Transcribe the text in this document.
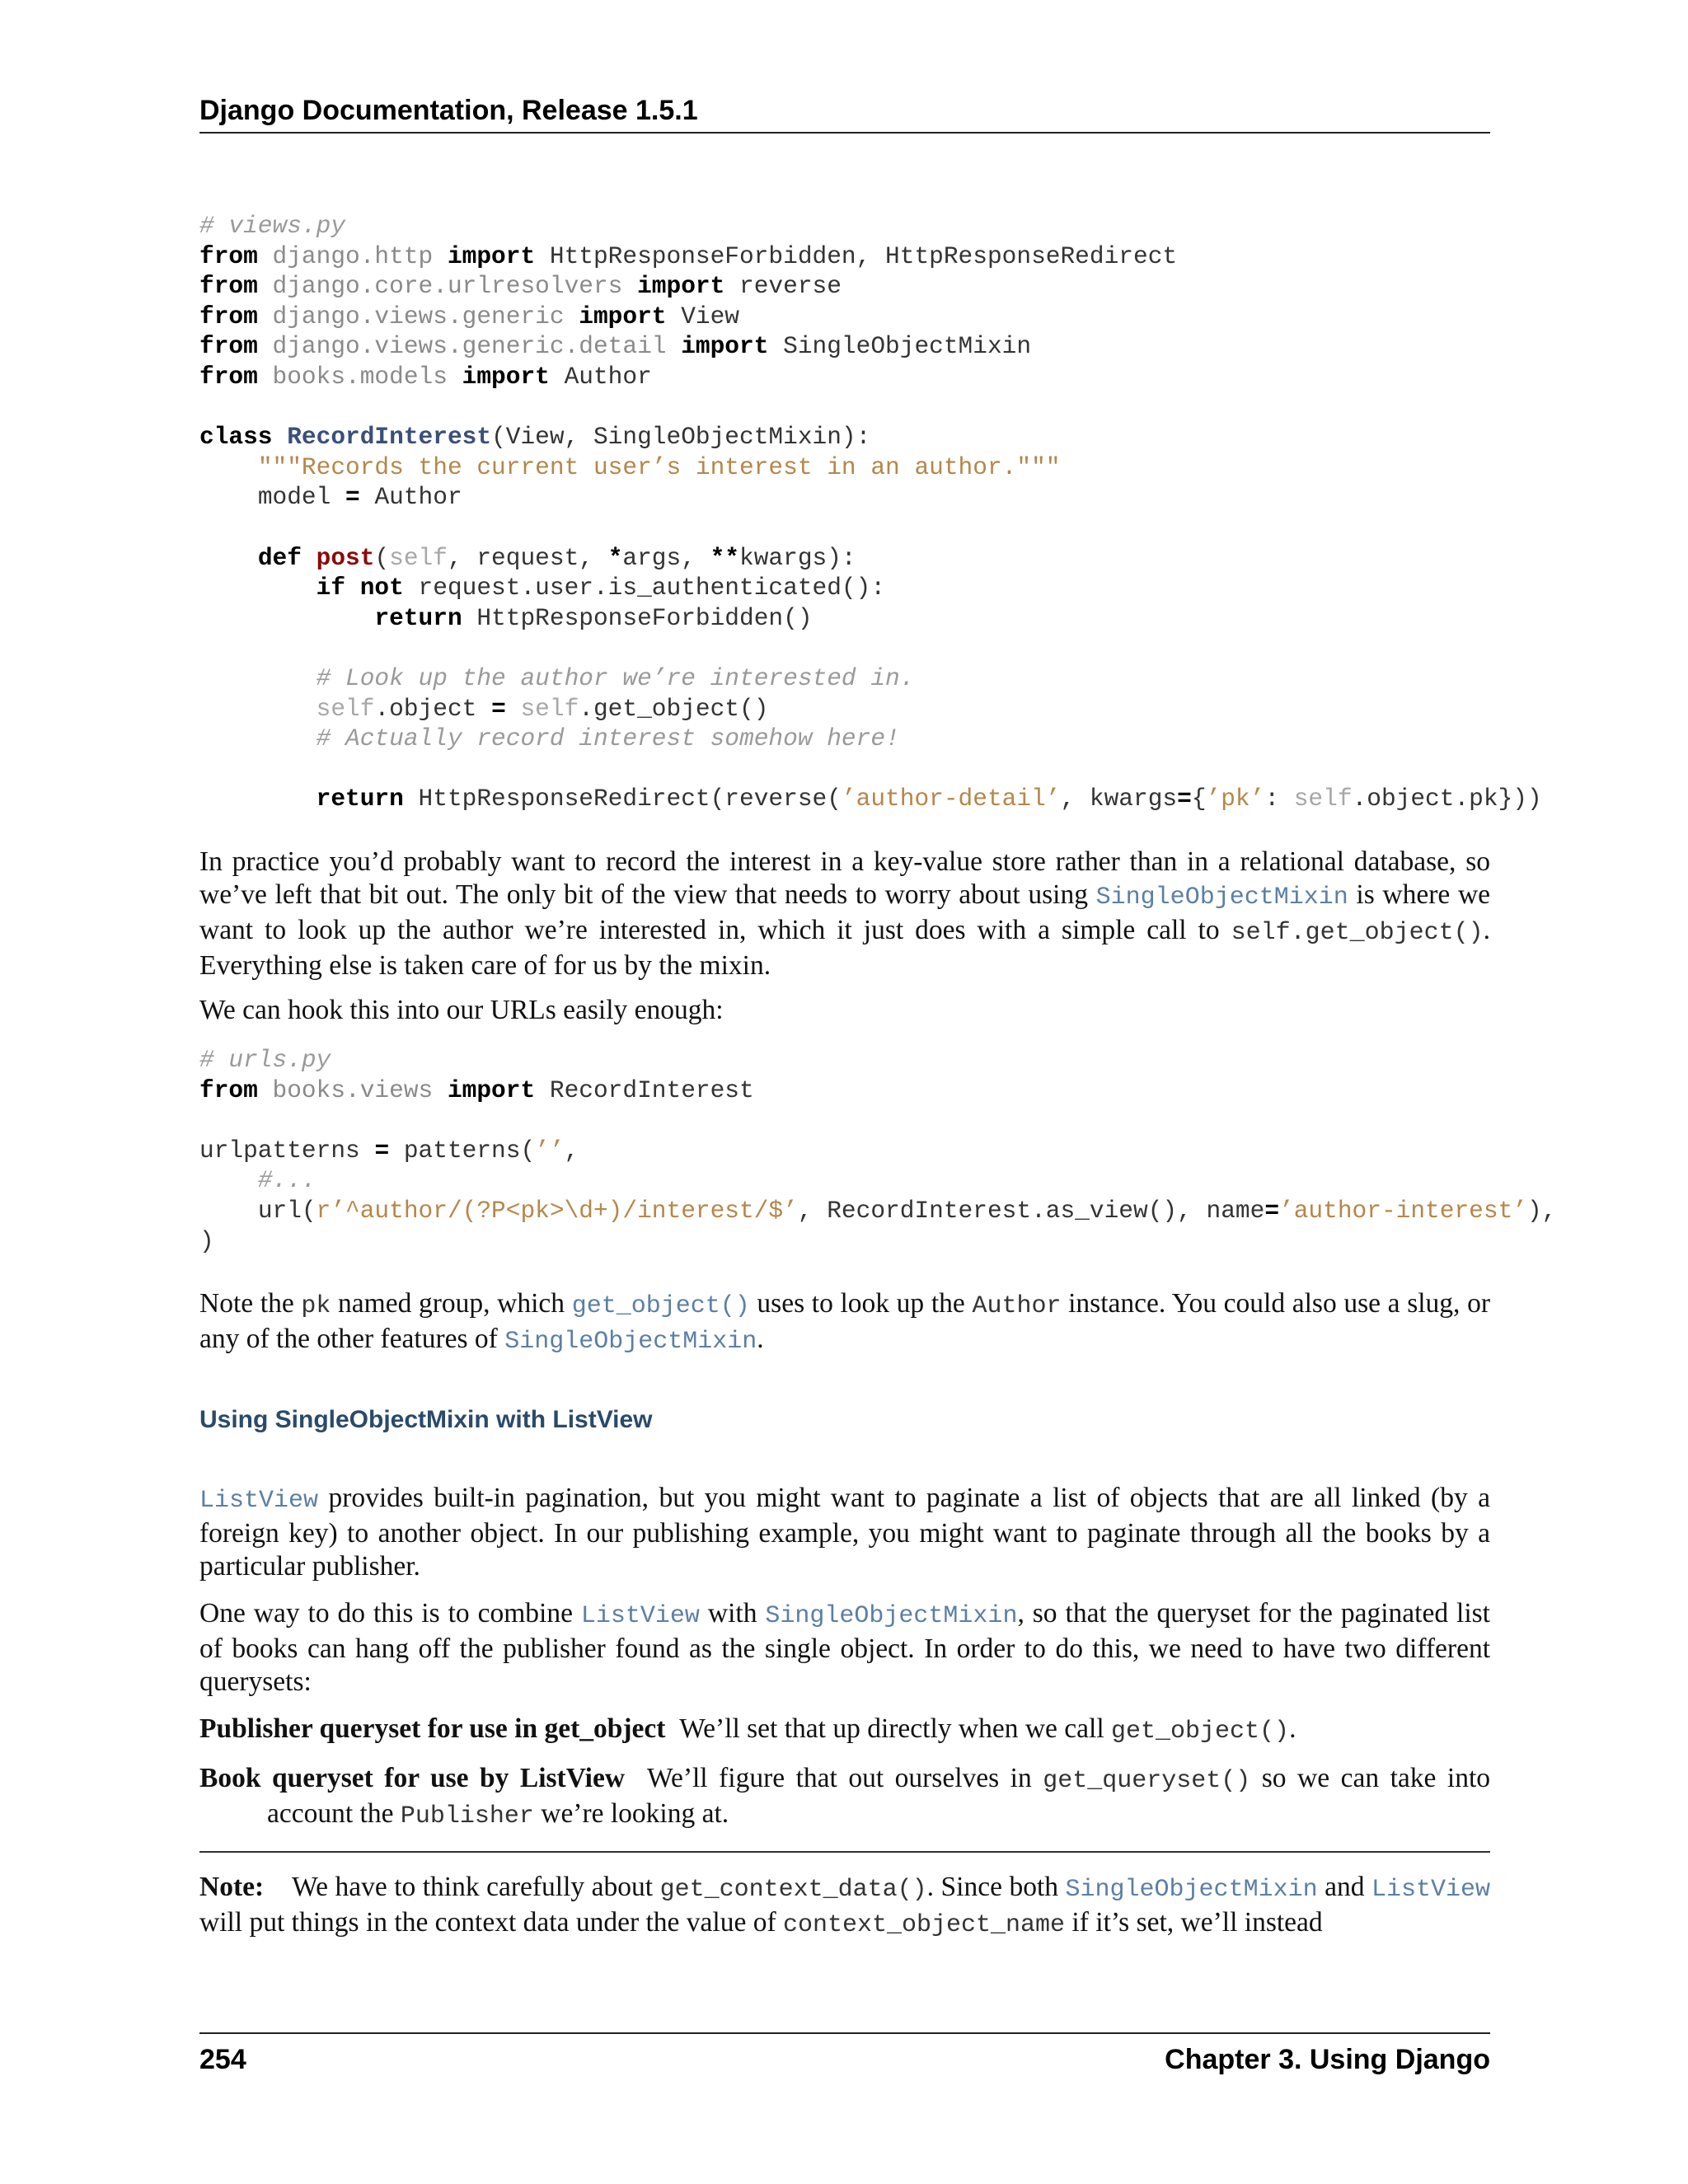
Django Documentation, Release 1.5.1
# views.py
from django.http import HttpResponseForbidden, HttpResponseRedirect
from django.core.urlresolvers import reverse
from django.views.generic import View
from django.views.generic.detail import SingleObjectMixin
from books.models import Author
class RecordInterest(View, SingleObjectMixin):
"""Records the current user’s interest in an author."""
model = Author
def post(self, request, *args, **kwargs):
if not request.user.is_authenticated():
return HttpResponseForbidden()
# Look up the author we’re interested in.
self.object = self.get_object()
# Actually record interest somehow here!
return HttpResponseRedirect(reverse(’author-detail’, kwargs={’pk’: self.object.pk}))

In practice you’d probably want to record the interest in a key-value store rather than in a relational database, so we’ve left that bit out. The only bit of the view that needs to worry about using SingleObjectMixin is where we want to look up the author we’re interested in, which it just does with a simple call to self.get_object(). Everything else is taken care of for us by the mixin.

We can hook this into our URLs easily enough:

# urls.py
from books.views import RecordInterest
urlpatterns = patterns(’’,
#...
url(r’^author/(?P<pk>\d+)/interest/$’, RecordInterest.as_view(), name=’author-interest’),
)

Note the pk named group, which get_object() uses to look up the Author instance. You could also use a slug, or any of the other features of SingleObjectMixin.

Using SingleObjectMixin with ListView

ListView provides built-in pagination, but you might want to paginate a list of objects that are all linked (by a foreign key) to another object. In our publishing example, you might want to paginate through all the books by a particular publisher.

One way to do this is to combine ListView with SingleObjectMixin, so that the queryset for the paginated list of books can hang off the publisher found as the single object. In order to do this, we need to have two different querysets:

Publisher queryset for use in get_object We’ll set that up directly when we call get_object().
Book queryset for use by ListView We’ll figure that out ourselves in get_queryset() so we can take into account the Publisher we’re looking at.
Note: We have to think carefully about get_context_data(). Since both SingleObjectMixin and ListView will put things in the context data under the value of context_object_name if it’s set, we’ll instead
254	Chapter 3. Using Django
